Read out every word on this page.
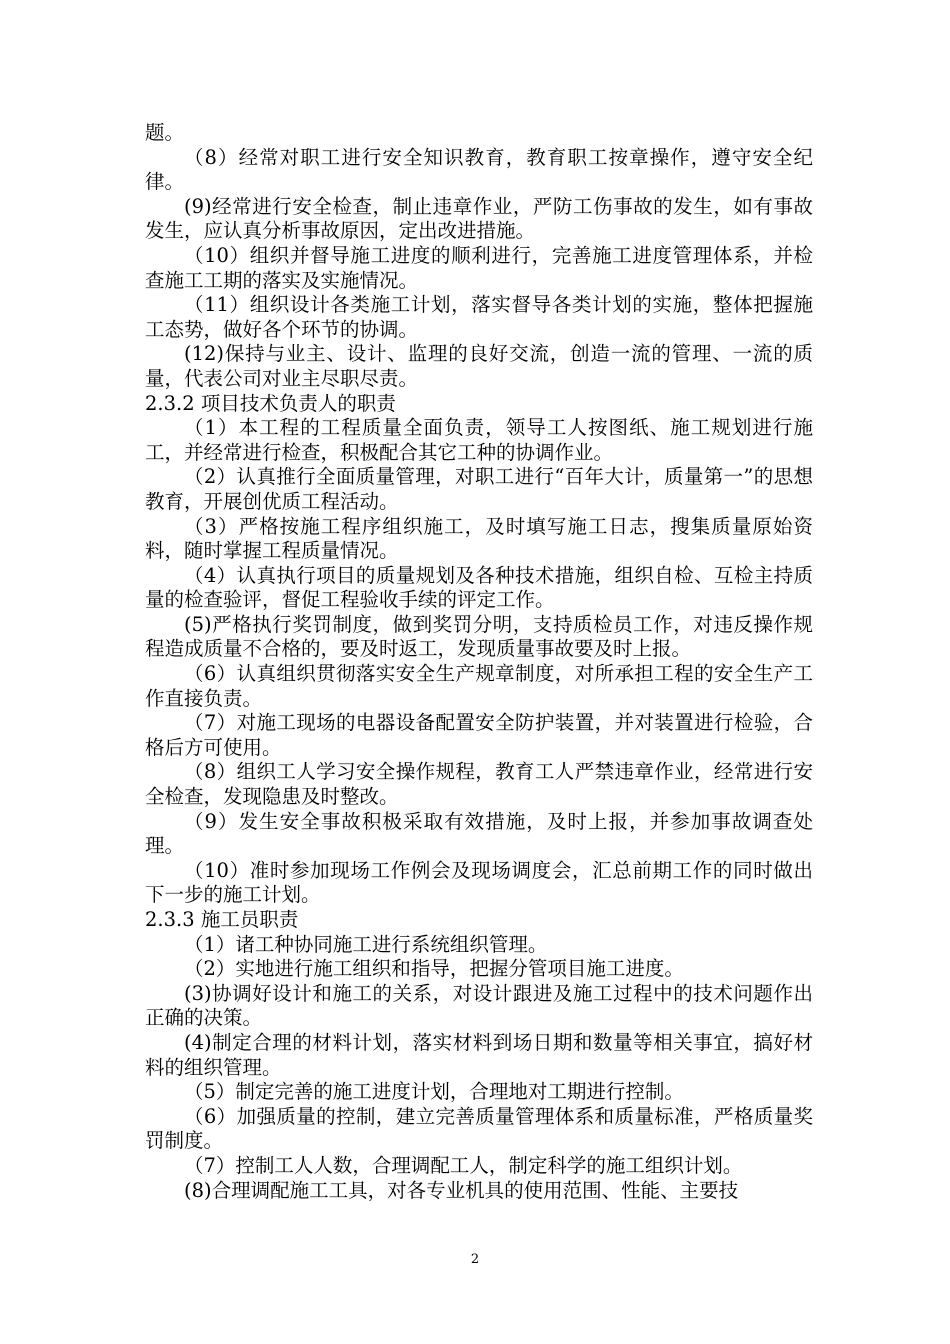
题。

（8）经常对职工进行安全知识教育，教育职工按章操作，遵守安全纪律。

(9)经常进行安全检查，制止违章作业，严防工伤事故的发生，如有事故发生，应认真分析事故原因，定出改进措施。

（10）组织并督导施工进度的顺利进行，完善施工进度管理体系，并检查施工工期的落实及实施情况。

（11）组织设计各类施工计划，落实督导各类计划的实施，整体把握施工态势，做好各个环节的协调。

(12)保持与业主、设计、监理的良好交流，创造一流的管理、一流的质量，代表公司对业主尽职尽责。

2.3.2 项目技术负责人的职责

（1）本工程的工程质量全面负责，领导工人按图纸、施工规划进行施工，并经常进行检查，积极配合其它工种的协调作业。

（2）认真推行全面质量管理，对职工进行“百年大计，质量第一”的思想教育，开展创优质工程活动。

（3）严格按施工程序组织施工，及时填写施工日志，搜集质量原始资料，随时掌握工程质量情况。

（4）认真执行项目的质量规划及各种技术措施，组织自检、互检主持质量的检查验评，督促工程验收手续的评定工作。

(5)严格执行奖罚制度，做到奖罚分明，支持质检员工作，对违反操作规程造成质量不合格的，要及时返工，发现质量事故要及时上报。

（6）认真组织贯彻落实安全生产规章制度，对所承担工程的安全生产工作直接负责。

（7）对施工现场的电器设备配置安全防护装置，并对装置进行检验，合格后方可使用。

（8）组织工人学习安全操作规程，教育工人严禁违章作业，经常进行安全检查，发现隐患及时整改。

（9）发生安全事故积极采取有效措施，及时上报，并参加事故调查处理。

（10）准时参加现场工作例会及现场调度会，汇总前期工作的同时做出下一步的施工计划。

2.3.3 施工员职责

（1）诸工种协同施工进行系统组织管理。

（2）实地进行施工组织和指导，把握分管项目施工进度。

(3)协调好设计和施工的关系，对设计跟进及施工过程中的技术问题作出正确的决策。

(4)制定合理的材料计划，落实材料到场日期和数量等相关事宜，搞好材料的组织管理。

（5）制定完善的施工进度计划，合理地对工期进行控制。

（6）加强质量的控制，建立完善质量管理体系和质量标准，严格质量奖罚制度。

（7）控制工人人数，合理调配工人，制定科学的施工组织计划。

(8)合理调配施工工具，对各专业机具的使用范围、性能、主要技

2
